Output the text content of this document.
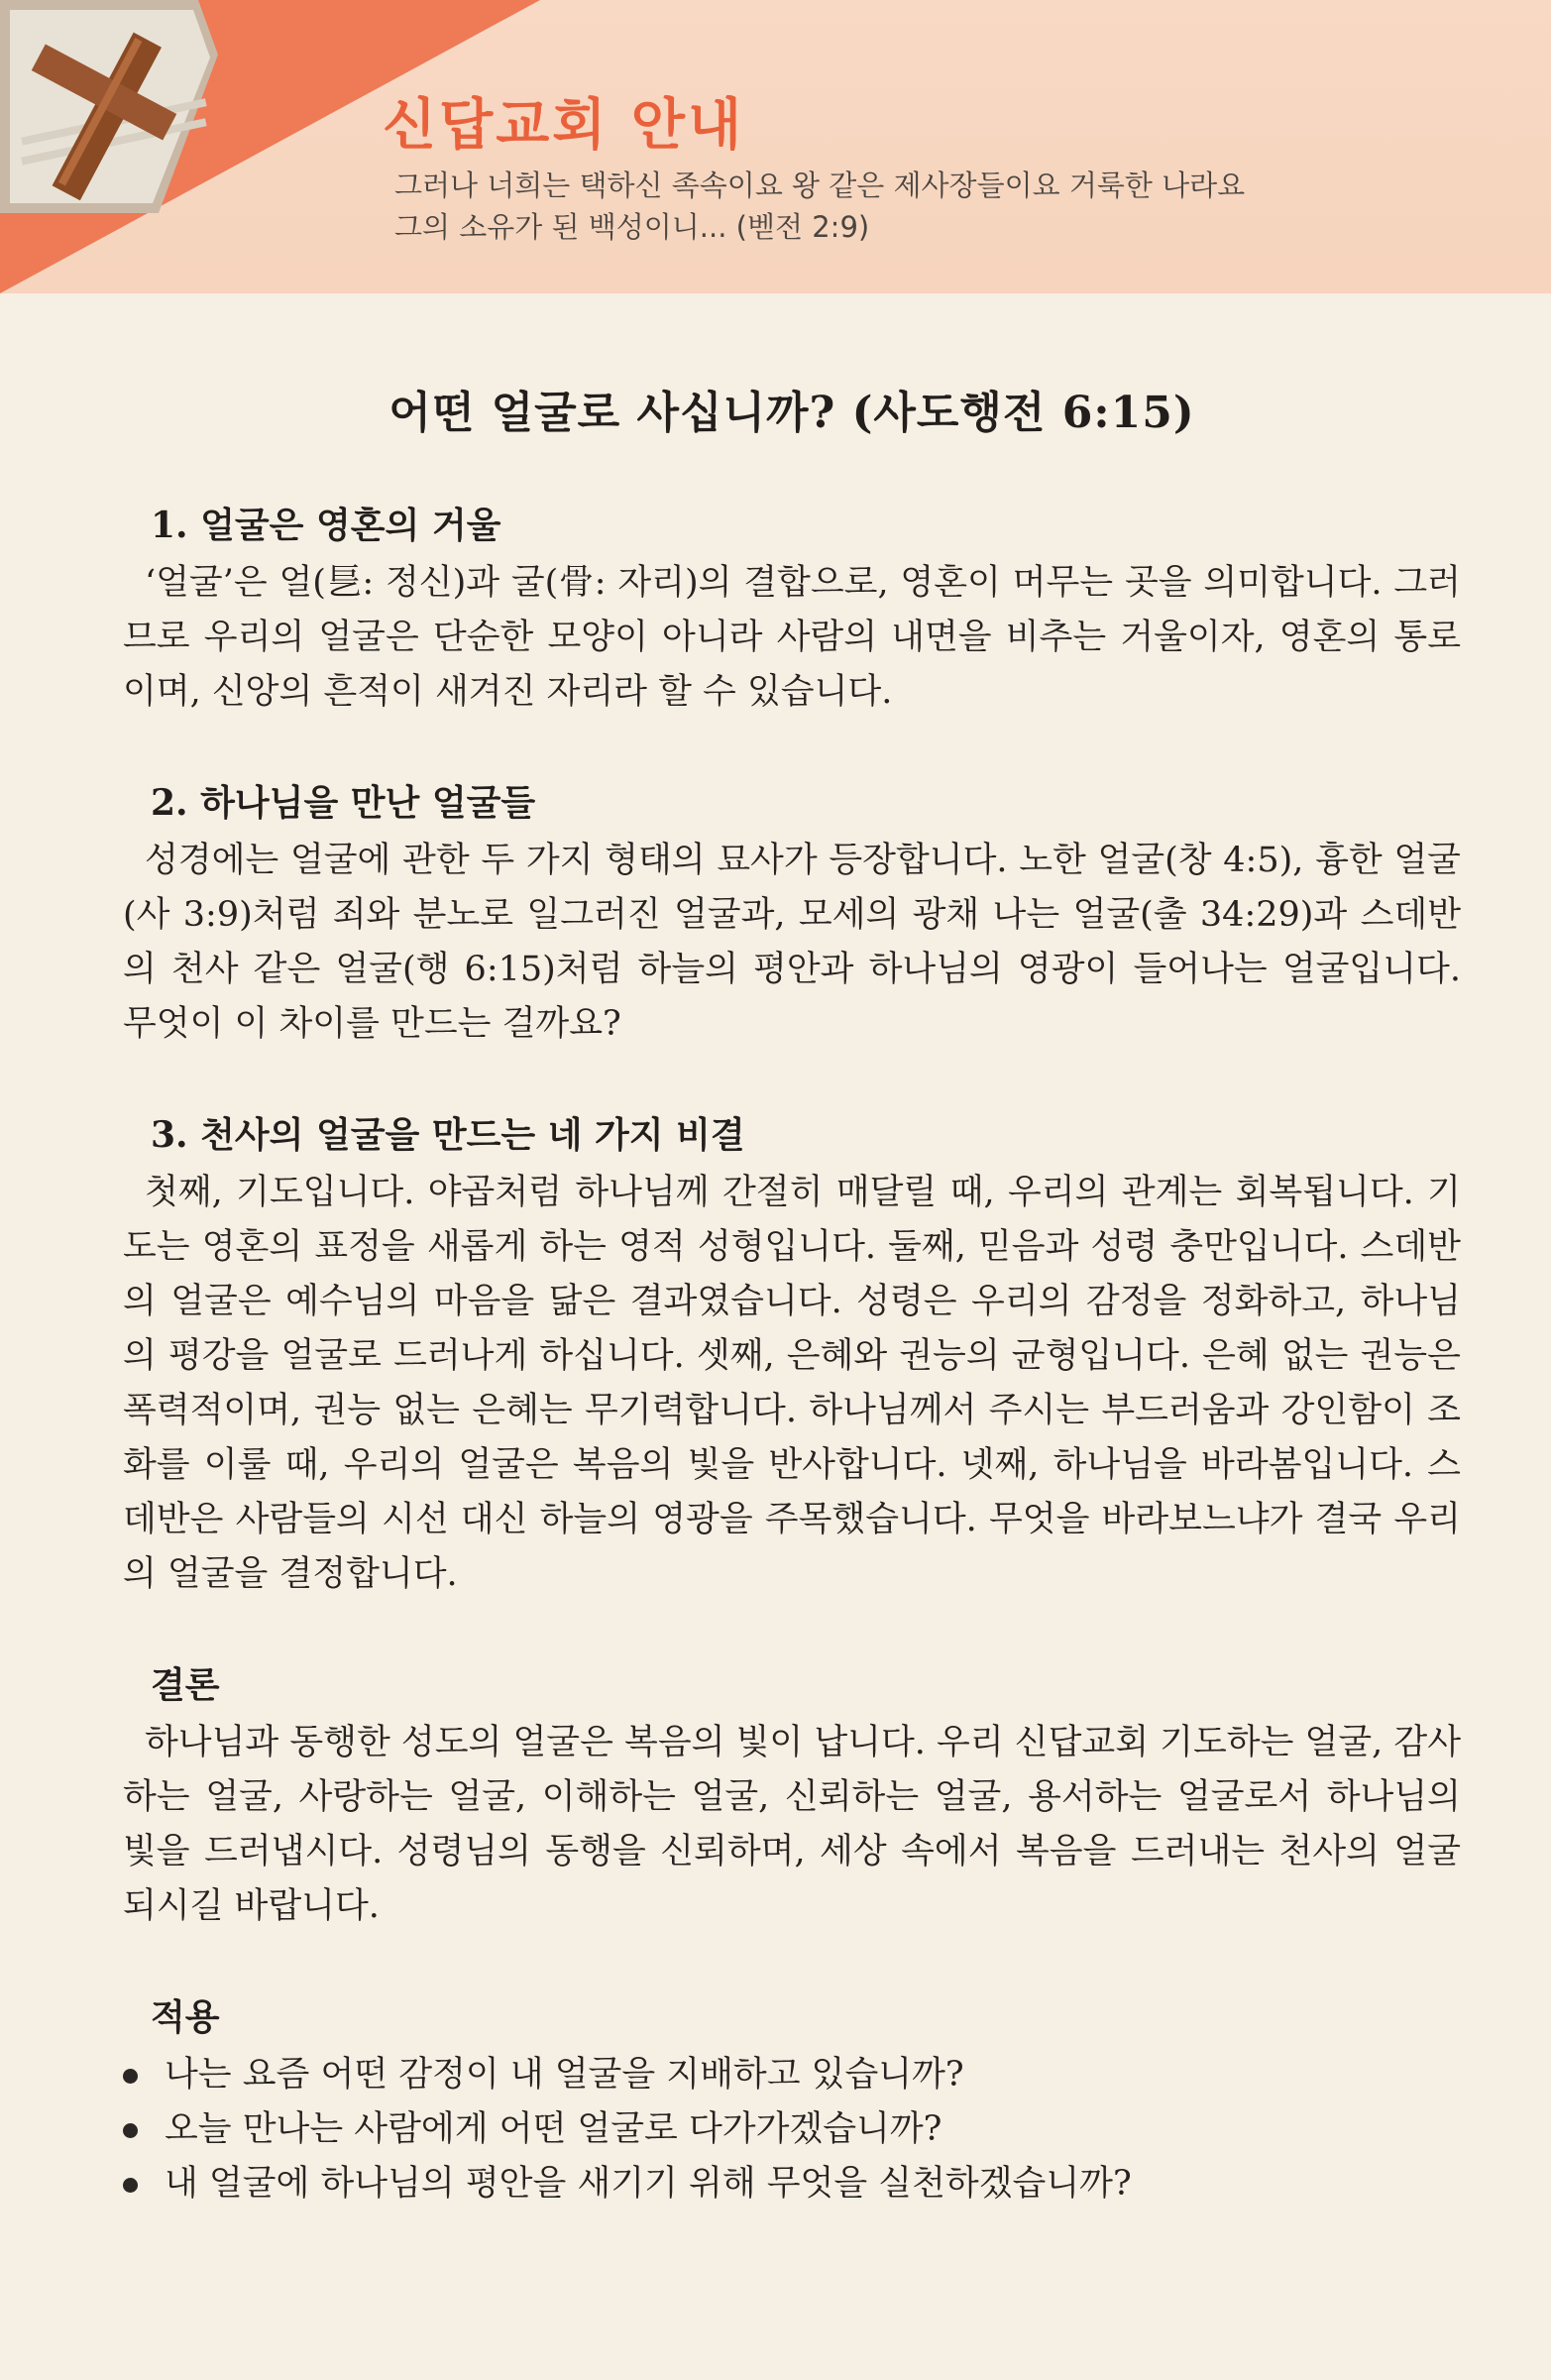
신답교회 안내

그러나 너희는 택하신 족속이요 왕 같은 제사장들이요 거룩한 나라요
그의 소유가 된 백성이니... (벧전 2:9)

어떤 얼굴로 사십니까? (사도행전 6:15)
1. 얼굴은 영혼의 거울

‘얼굴’은 얼(乬: 정신)과 굴(骨: 자리)의 결합으로, 영혼이 머무는 곳을 의미합니다. 그러므로 우리의 얼굴은 단순한 모양이 아니라 사람의 내면을 비추는 거울이자, 영혼의 통로이며, 신앙의 흔적이 새겨진 자리라 할 수 있습니다.

2. 하나님을 만난 얼굴들

성경에는 얼굴에 관한 두 가지 형태의 묘사가 등장합니다. 노한 얼굴(창 4:5), 흉한 얼굴(사 3:9)처럼 죄와 분노로 일그러진 얼굴과, 모세의 광채 나는 얼굴(출 34:29)과 스데반의 천사 같은 얼굴(행 6:15)처럼 하늘의 평안과 하나님의 영광이 들어나는 얼굴입니다. 무엇이 이 차이를 만드는 걸까요?

3. 천사의 얼굴을 만드는 네 가지 비결

첫째, 기도입니다. 야곱처럼 하나님께 간절히 매달릴 때, 우리의 관계는 회복됩니다. 기도는 영혼의 표정을 새롭게 하는 영적 성형입니다. 둘째, 믿음과 성령 충만입니다. 스데반의 얼굴은 예수님의 마음을 닮은 결과였습니다. 성령은 우리의 감정을 정화하고, 하나님의 평강을 얼굴로 드러나게 하십니다. 셋째, 은혜와 권능의 균형입니다. 은혜 없는 권능은 폭력적이며, 권능 없는 은혜는 무기력합니다. 하나님께서 주시는 부드러움과 강인함이 조화를 이룰 때, 우리의 얼굴은 복음의 빛을 반사합니다. 넷째, 하나님을 바라봄입니다. 스데반은 사람들의 시선 대신 하늘의 영광을 주목했습니다. 무엇을 바라보느냐가 결국 우리의 얼굴을 결정합니다.

결론

하나님과 동행한 성도의 얼굴은 복음의 빛이 납니다. 우리 신답교회 기도하는 얼굴, 감사하는 얼굴, 사랑하는 얼굴, 이해하는 얼굴, 신뢰하는 얼굴, 용서하는 얼굴로서 하나님의 빛을 드러냅시다. 성령님의 동행을 신뢰하며, 세상 속에서 복음을 드러내는 천사의 얼굴 되시길 바랍니다.

적용
나는 요즘 어떤 감정이 내 얼굴을 지배하고 있습니까?
오늘 만나는 사람에게 어떤 얼굴로 다가가겠습니까?
내 얼굴에 하나님의 평안을 새기기 위해 무엇을 실천하겠습니까?
